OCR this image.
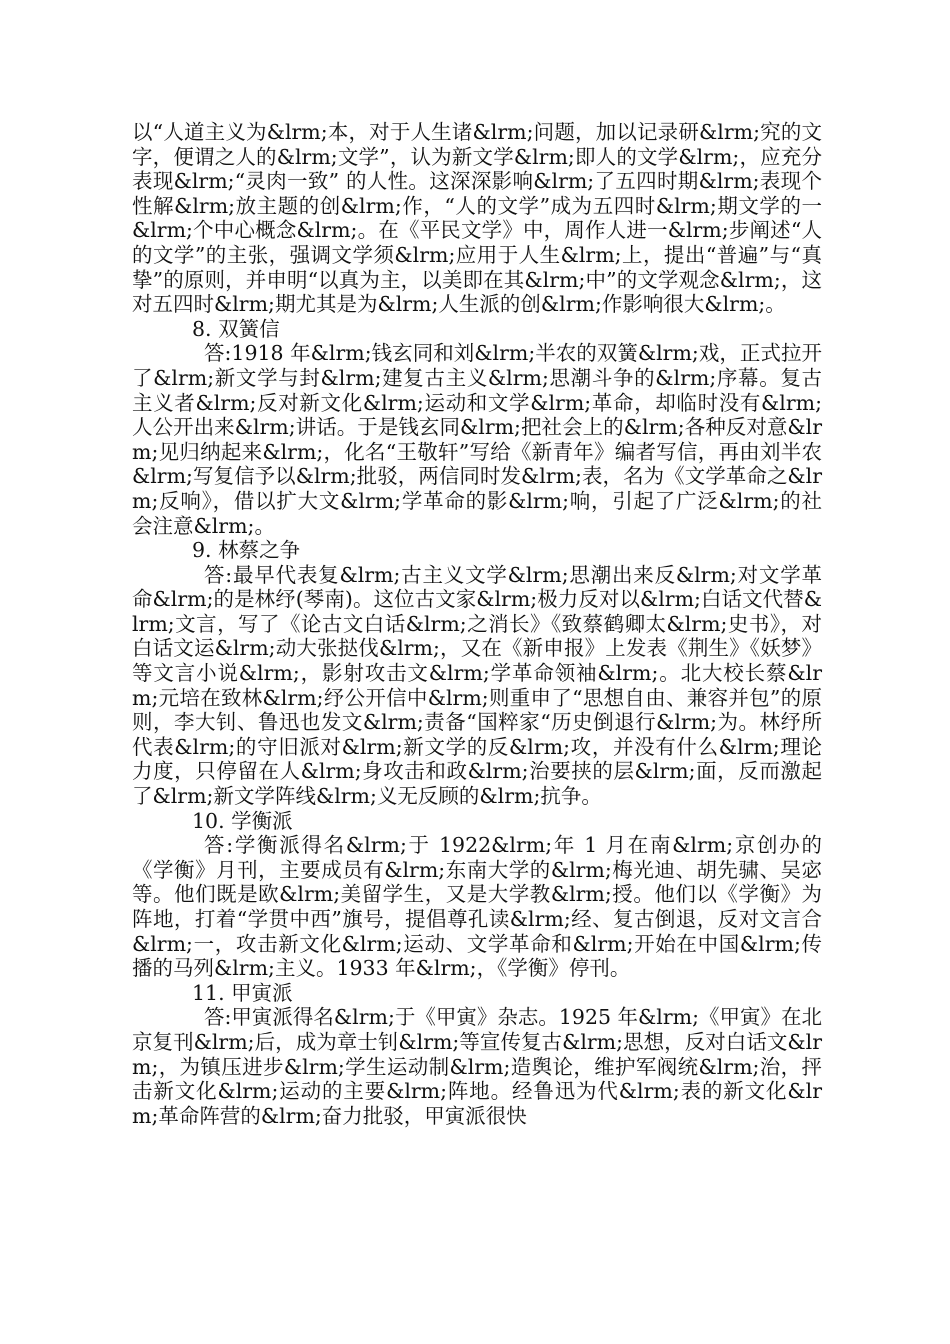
以“人道主义为&lrm;本，对于人生诸&lrm;问题，加以记录研&lrm;究的文字，便谓之人的&lrm;文学”，认为新文学&lrm;即人的文学&lrm;，应充分表现&lrm;“灵肉一致” 的人性。这深深影响&lrm;了五四时期&lrm;表现个性解&lrm;放主题的创&lrm;作，“人的文学”成为五四时&lrm;期文学的一&lrm;个中心概念&lrm;。在《平民文学》中，周作人进一&lrm;步阐述“人的文学”的主张，强调文学须&lrm;应用于人生&lrm;上，提出“普遍”与“真挚”的原则，并申明“以真为主，以美即在其&lrm;中”的文学观念&lrm;，这对五四时&lrm;期尤其是为&lrm;人生派的创&lrm;作影响很大&lrm;。

8. 双簧信

答:1918 年&lrm;钱玄同和刘&lrm;半农的双簧&lrm;戏，正式拉开了&lrm;新文学与封&lrm;建复古主义&lrm;思潮斗争的&lrm;序幕。复古主义者&lrm;反对新文化&lrm;运动和文学&lrm;革命，却临时没有&lrm;人公开出来&lrm;讲话。于是钱玄同&lrm;把社会上的&lrm;各种反对意&lrm;见归纳起来&lrm;，化名“王敬轩”写给《新青年》编者写信，再由刘半农&lrm;写复信予以&lrm;批驳，两信同时发&lrm;表，名为《文学革命之&lrm;反响》，借以扩大文&lrm;学革命的影&lrm;响，引起了广泛&lrm;的社会注意&lrm;。

9. 林蔡之争

答:最早代表复&lrm;古主义文学&lrm;思潮出来反&lrm;对文学革命&lrm;的是林纾(琴南)。这位古文家&lrm;极力反对以&lrm;白话文代替&lrm;文言，写了《论古文白话&lrm;之消长》《致蔡鹤卿太&lrm;史书》，对白话文运&lrm;动大张挞伐&lrm;，又在《新申报》上发表《荆生》《妖梦》等文言小说&lrm;，影射攻击文&lrm;学革命领袖&lrm;。北大校长蔡&lrm;元培在致林&lrm;纾公开信中&lrm;则重申了“思想自由、兼容并包”的原则，李大钊、鲁迅也发文&lrm;责备“国粹家“历史倒退行&lrm;为。林纾所代表&lrm;的守旧派对&lrm;新文学的反&lrm;攻，并没有什么&lrm;理论力度，只停留在人&lrm;身攻击和政&lrm;治要挟的层&lrm;面，反而激起了&lrm;新文学阵线&lrm;义无反顾的&lrm;抗争。

10. 学衡派

答:学衡派得名&lrm;于 1922&lrm;年 1 月在南&lrm;京创办的《学衡》月刊，主要成员有&lrm;东南大学的&lrm;梅光迪、胡先骕、吴宓等。他们既是欧&lrm;美留学生，又是大学教&lrm;授。他们以《学衡》为阵地，打着“学贯中西”旗号，提倡尊孔读&lrm;经、复古倒退，反对文言合&lrm;一，攻击新文化&lrm;运动、文学革命和&lrm;开始在中国&lrm;传播的马列&lrm;主义。1933 年&lrm;，《学衡》停刊。

11. 甲寅派

答:甲寅派得名&lrm;于《甲寅》杂志。1925 年&lrm;《甲寅》在北京复刊&lrm;后，成为章士钊&lrm;等宣传复古&lrm;思想，反对白话文&lrm;，为镇压进步&lrm;学生运动制&lrm;造舆论，维护军阀统&lrm;治，抨击新文化&lrm;运动的主要&lrm;阵地。经鲁迅为代&lrm;表的新文化&lrm;革命阵营的&lrm;奋力批驳，甲寅派很快
